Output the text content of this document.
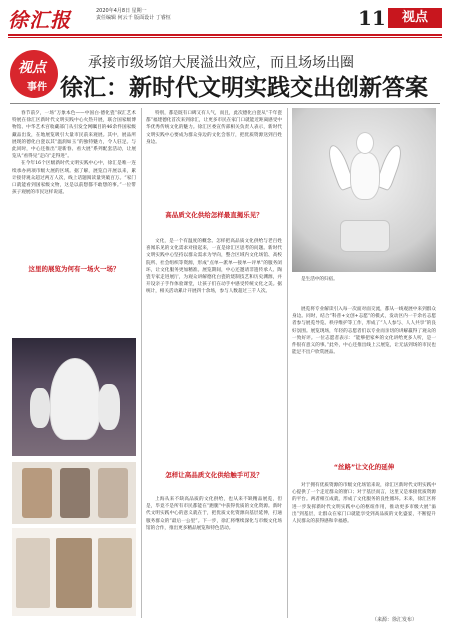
徐汇报	2020年4月8日 星期一
责任编辑 何云千 版面设计 丁睿恒	11	视点
视点
事件
承接市级场馆大展溢出效应，而且场场出圈
徐汇：新时代文明实践交出创新答案

春节前夕，一场“万象本色——中国白·德化瓷”叙汇艺术特展在徐汇区新时代文明实践中心火热开展，联合国家级博物馆、中华艺术宫收藏部门从引发全网瞩目的46余件国家级藏品出发，在地展览吸引大量市民前来观展。其中，展品所展现的德化白瓷以其“温润如玉”的独特魅力，令人驻足。与此同时，中心还推出“迎新春、看大展”系列配套活动，让展览从“看得见”走向“走得进”。

在今年16个区级新时代文明实践中心中，徐汇是唯一连续承办两项市级大展的区域。据了解，展览自开展以来，累计接待观众超过两万人次，线上话题阅读量突破百万。“家门口就能看到国家级文物，这是以前想都不敢想的事。”一位带孩子观展的市民这样说道。

这里的展览为何有一场火一场？

特别，都是既有口碑又有人气，而且，此次德化白瓷从“千年瓷都”福建德化首次来到徐汇，让更多市民在家门口就能近距离感受中华优秀传统文化的魅力。徐汇区委宣传部相关负责人表示，新时代文明实践中心要成为群众身边的文化会客厅，把优质资源送到百姓身边。

高品质文化供给怎样最直揭乐见？

文化，是一个有温度的概念。怎样把高品质文化供给与老百姓喜闻乐见的文化需求对接起来，一直是徐汇区思考的问题。新时代文明实践中心坚持以群众需求为导向，整合区域内文化场馆、高校院所、社会组织等资源，形成“点单—派单—接单—评单”的服务闭环，让文化服务更加精准。展览期间，中心还邀请非遗传承人、陶瓷专家走进展厅，为观众讲解德化白瓷的烧制技艺和历史渊源，并开设亲子手作体验课堂，让孩子们在动手中感受传统文化之美。据统计，相关活动累计开展四十余场，参与人数超过三千人次。

怎样让高品质文化供给触手可及？

上海从来不缺高品质的文化供给，也从来不缺精品展览，但是，毕竟不是所有市民都能在“跑腿”中获得优质的文化资源。新时代文明实践中心的意义就在于，把优质文化资源向基层延伸，打通服务群众的“最后一公里”。下一步，徐汇将继续深化与市级文化场馆的合作，推出更多精品展览和特色活动。

是生活中的归宿。

展览将专业解读引入每一次面对面交流，都从一线观展中来到群众身边。同时，结合“科普+文创+志愿”的模式，发动区内一千余名志愿者参与展览导览、秩序维护等工作，形成了“人人参与、人人共享”的良好氛围。展览现场，年轻的志愿者们以专业而亲切的讲解赢得了观众的一致好评。一位志愿者表示：“能够把家乡的文化讲给更多人听，是一件很有意义的事。”此外，中心还推出线上云展览，让无法到场的市民也能足不出户欣赏展品。

“丝路”让文化的延伸

对于拥有优质资源的市级文化场馆来说，徐汇区新时代文明实践中心提供了一个走近群众的窗口；对于基层而言，这里又是承接优质资源的平台。两者相互成就，形成了文化服务的良性循环。未来，徐汇区将进一步发挥新时代文明实践中心的枢纽作用，推动更多市级大展“溢出”到基层，让群众在家门口就能享受到高品质的文化盛宴，不断提升人民群众的获得感和幸福感。

（来源：徐汇发布）
